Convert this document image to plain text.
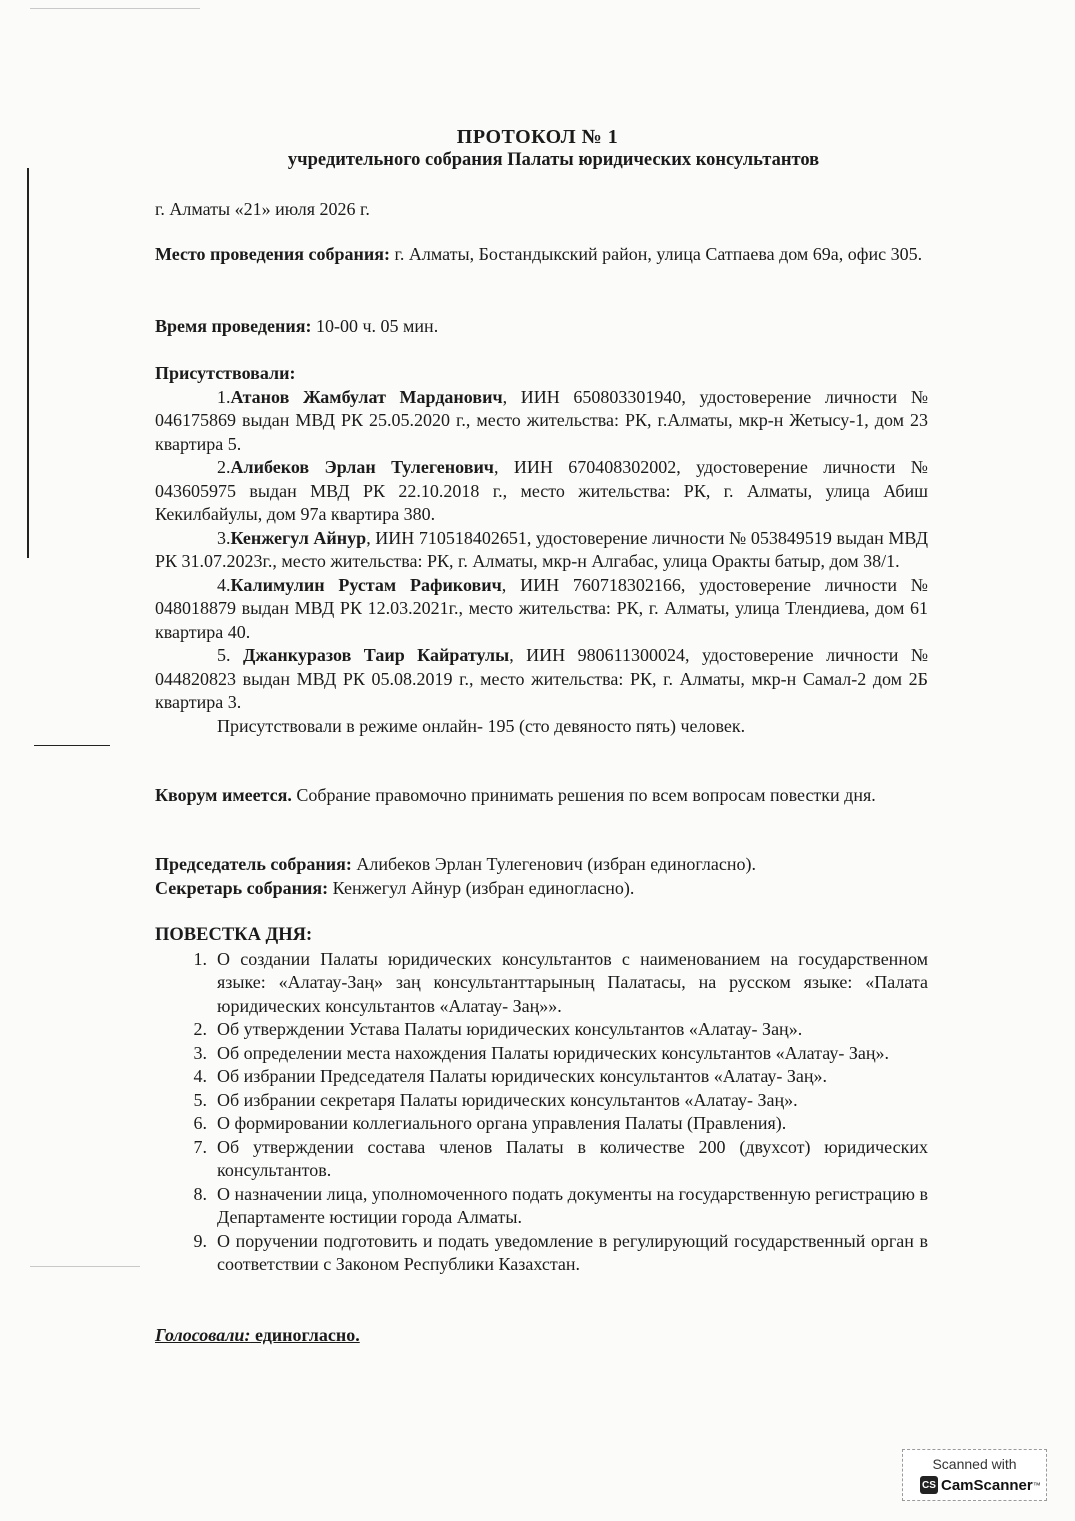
ПРОТОКОЛ № 1
учредительного собрания Палаты юридических консультантов
г. Алматы «21» июля 2026 г.
Место проведения собрания: г. Алматы, Бостандыкский район, улица Сатпаева дом 69а, офис 305.
Время проведения: 10-00 ч. 05 мин.

Присутствовали:

1.Атанов Жамбулат Марданович, ИИН 650803301940, удостоверение личности № 046175869 выдан МВД РК 25.05.2020 г., место жительства: РК, г.Алматы, мкр-н Жетысу-1, дом 23 квартира 5.

2.Алибеков Эрлан Тулегенович, ИИН 670408302002, удостоверение личности № 043605975 выдан МВД РК 22.10.2018 г., место жительства: РК, г. Алматы, улица Абиш Кекилбайулы, дом 97а квартира 380.

3.Кенжегул Айнур, ИИН 710518402651, удостоверение личности № 053849519 выдан МВД РК 31.07.2023г., место жительства: РК, г. Алматы, мкр-н Алгабас, улица Оракты батыр, дом 38/1.

4.Калимулин Рустам Рафикович, ИИН 760718302166, удостоверение личности № 048018879 выдан МВД РК 12.03.2021г., место жительства: РК, г. Алматы, улица Тлендиева, дом 61 квартира 40.

5. Джанкуразов Таир Кайратулы, ИИН 980611300024, удостоверение личности № 044820823 выдан МВД РК 05.08.2019 г., место жительства: РК, г. Алматы, мкр-н Самал-2 дом 2Б квартира 3.

Присутствовали в режиме онлайн- 195 (сто девяносто пять) человек.

Кворум имеется. Собрание правомочно принимать решения по всем вопросам повестки дня.
Председатель собрания: Алибеков Эрлан Тулегенович (избран единогласно).
Секретарь собрания: Кенжегул Айнур (избран единогласно).
ПОВЕСТКА ДНЯ:
1. О создании Палаты юридических консультантов с наименованием на государственном языке: «Алатау-Заң» заң консультанттарының Палатасы, на русском языке: «Палата юридических консультантов «Алатау- Заң»».
2. Об утверждении Устава Палаты юридических консультантов «Алатау- Заң».
3. Об определении места нахождения Палаты юридических консультантов «Алатау- Заң».
4. Об избрании Председателя Палаты юридических консультантов «Алатау- Заң».
5. Об избрании секретаря Палаты юридических консультантов «Алатау- Заң».
6. О формировании коллегиального органа управления Палаты (Правления).
7. Об утверждении состава членов Палаты в количестве 200 (двухсот) юридических консультантов.
8. О назначении лица, уполномоченного подать документы на государственную регистрацию в Департаменте юстиции города Алматы.
9. О поручении подготовить и подать уведомление в регулирующий государственный орган в соответствии с Законом Республики Казахстан.
Голосовали: единогласно.
Scanned with
CS CamScanner ™
